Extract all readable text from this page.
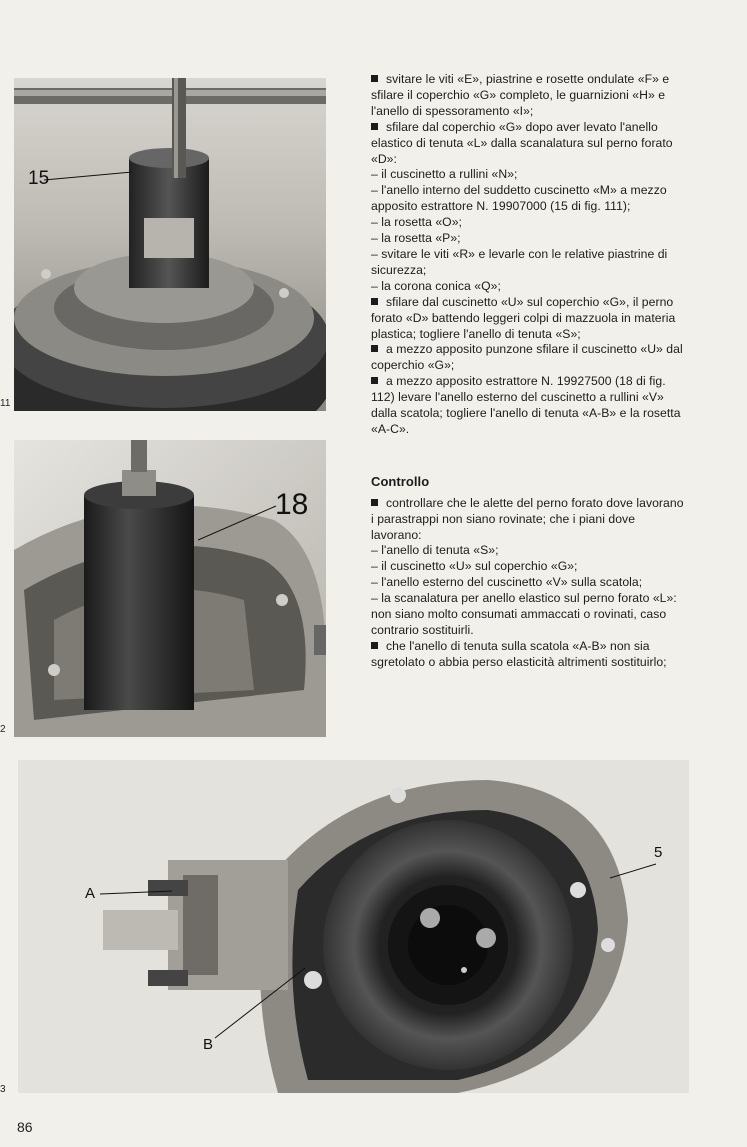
15
11
18
2
A
B
5
3

svitare le viti «E», piastrine e rosette ondulate «F» e sfilare il coperchio «G» completo, le guarnizioni «H» e l'anello di spessoramento «I»;

sfilare dal coperchio «G» dopo aver levato l'anello elastico di tenuta «L» dalla scanalatura sul perno forato «D»:

– il cuscinetto a rullini «N»;

– l'anello interno del suddetto cuscinetto «M» a mezzo apposito estrattore N. 19907000 (15 di fig. 111);

– la rosetta «O»;

– la rosetta «P»;

– svitare le viti «R» e levarle con le relative piastrine di sicurezza;

– la corona conica «Q»;

sfilare dal cuscinetto «U» sul coperchio «G», il perno forato «D» battendo leggeri colpi di mazzuola in materia plastica; togliere l'anello di tenuta «S»;

a mezzo apposito punzone sfilare il cuscinetto «U» dal coperchio «G»;

a mezzo apposito estrattore N. 19927500 (18 di fig. 112) levare l'anello esterno del cuscinetto a rullini «V» dalla scatola; togliere l'anello di tenuta «A-B» e la rosetta «A-C».

Controllo

controllare che le alette del perno forato dove lavorano i parastrappi non siano rovinate; che i piani dove lavorano:

– l'anello di tenuta «S»;

– il cuscinetto «U» sul coperchio «G»;

– l'anello esterno del cuscinetto «V» sulla scatola;

– la scanalatura per anello elastico sul perno forato «L»: non siano molto consumati ammaccati o rovinati, caso contrario sostituirli.

che l'anello di tenuta sulla scatola «A-B» non sia sgretolato o abbia perso elasticità altrimenti sostituirlo;

86
